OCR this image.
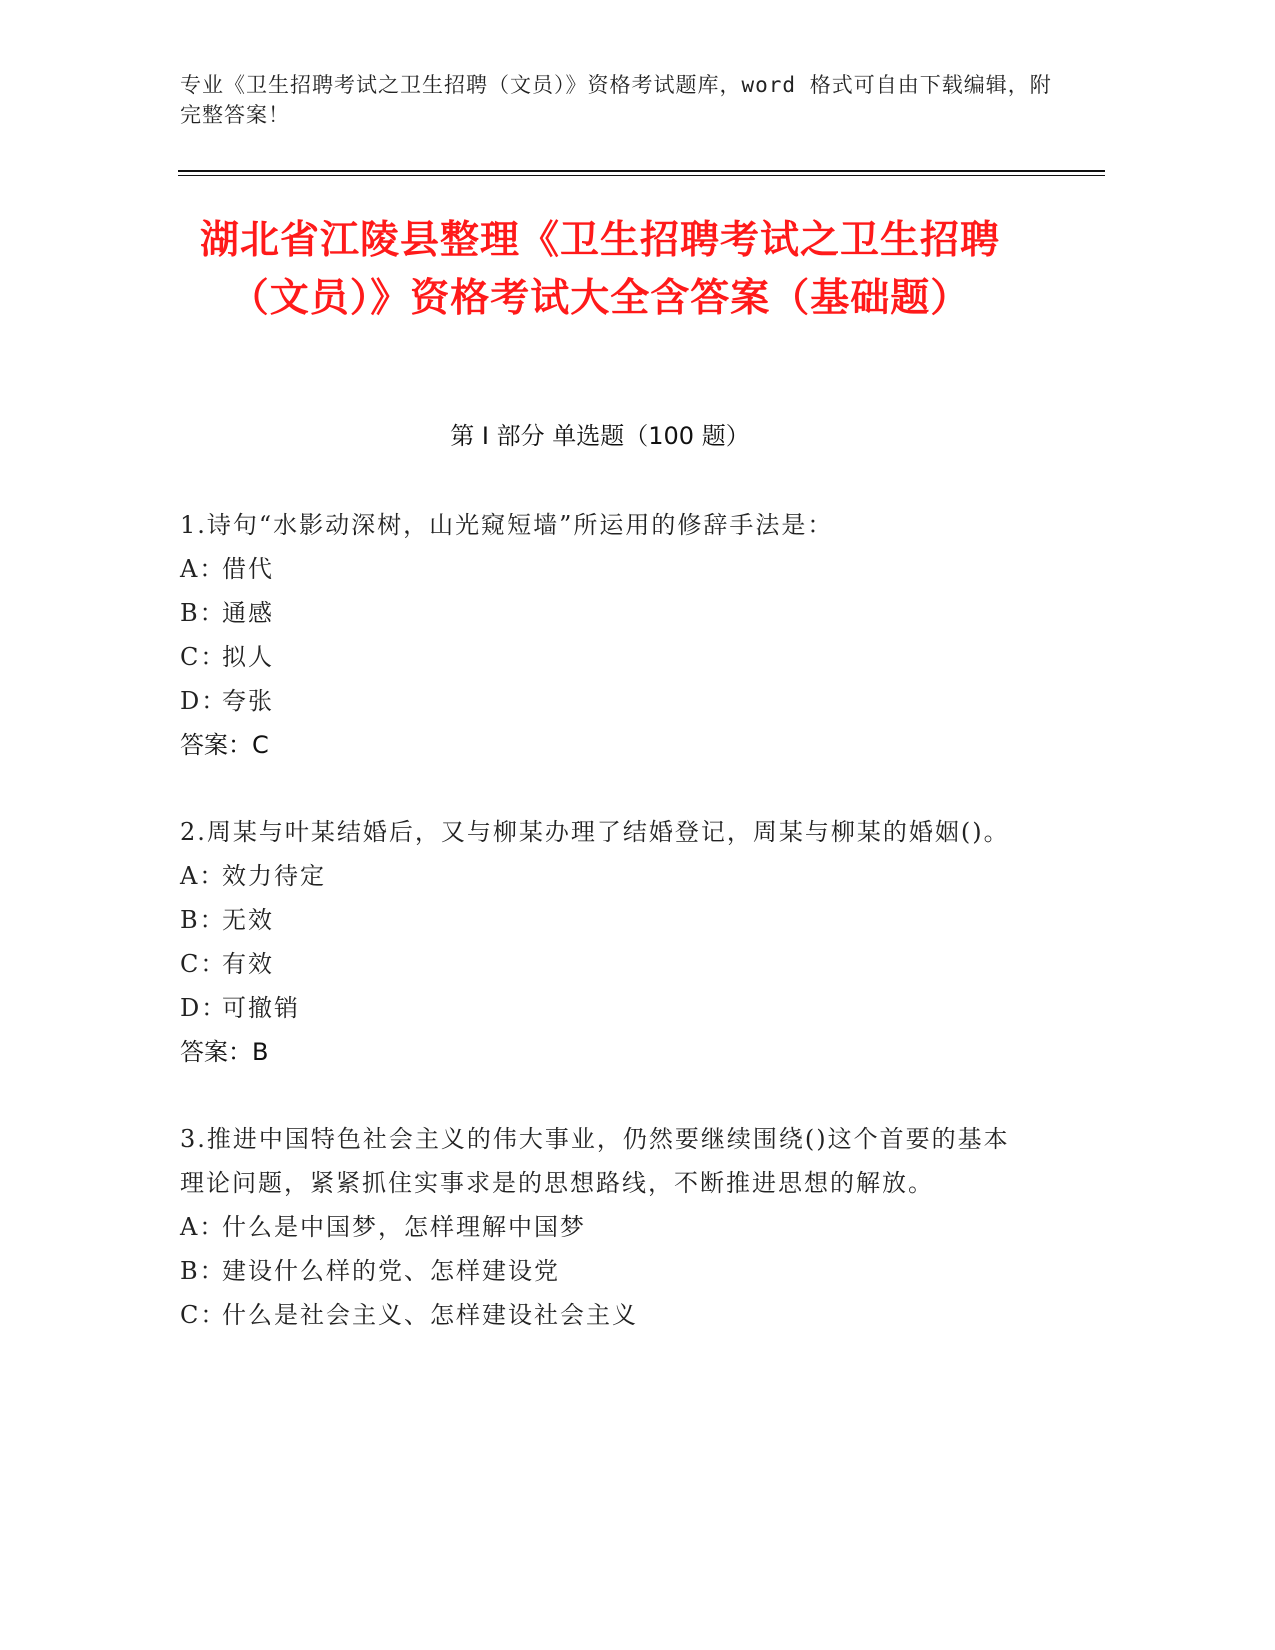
专业《卫生招聘考试之卫生招聘（文员）》资格考试题库，word 格式可自由下载编辑，附完整答案！
湖北省江陵县整理《卫生招聘考试之卫生招聘（文员）》资格考试大全含答案（基础题）
第 I 部分 单选题（100 题）

1.诗句“水影动深树，山光窥短墙”所运用的修辞手法是：

A：
借代
B：
通感
C：
拟人
D：
夸张
答案：C

2.周某与叶某结婚后，又与柳某办理了结婚登记，周某与柳某的婚姻()。

A：
效力待定
B：
无效
C：
有效
D：
可撤销
答案：B

3.推进中国特色社会主义的伟大事业，仍然要继续围绕()这个首要的基本理论问题，紧紧抓住实事求是的思想路线，不断推进思想的解放。

A：
什么是中国梦，怎样理解中国梦
B：
建设什么样的党、怎样建设党
C：
什么是社会主义、怎样建设社会主义
